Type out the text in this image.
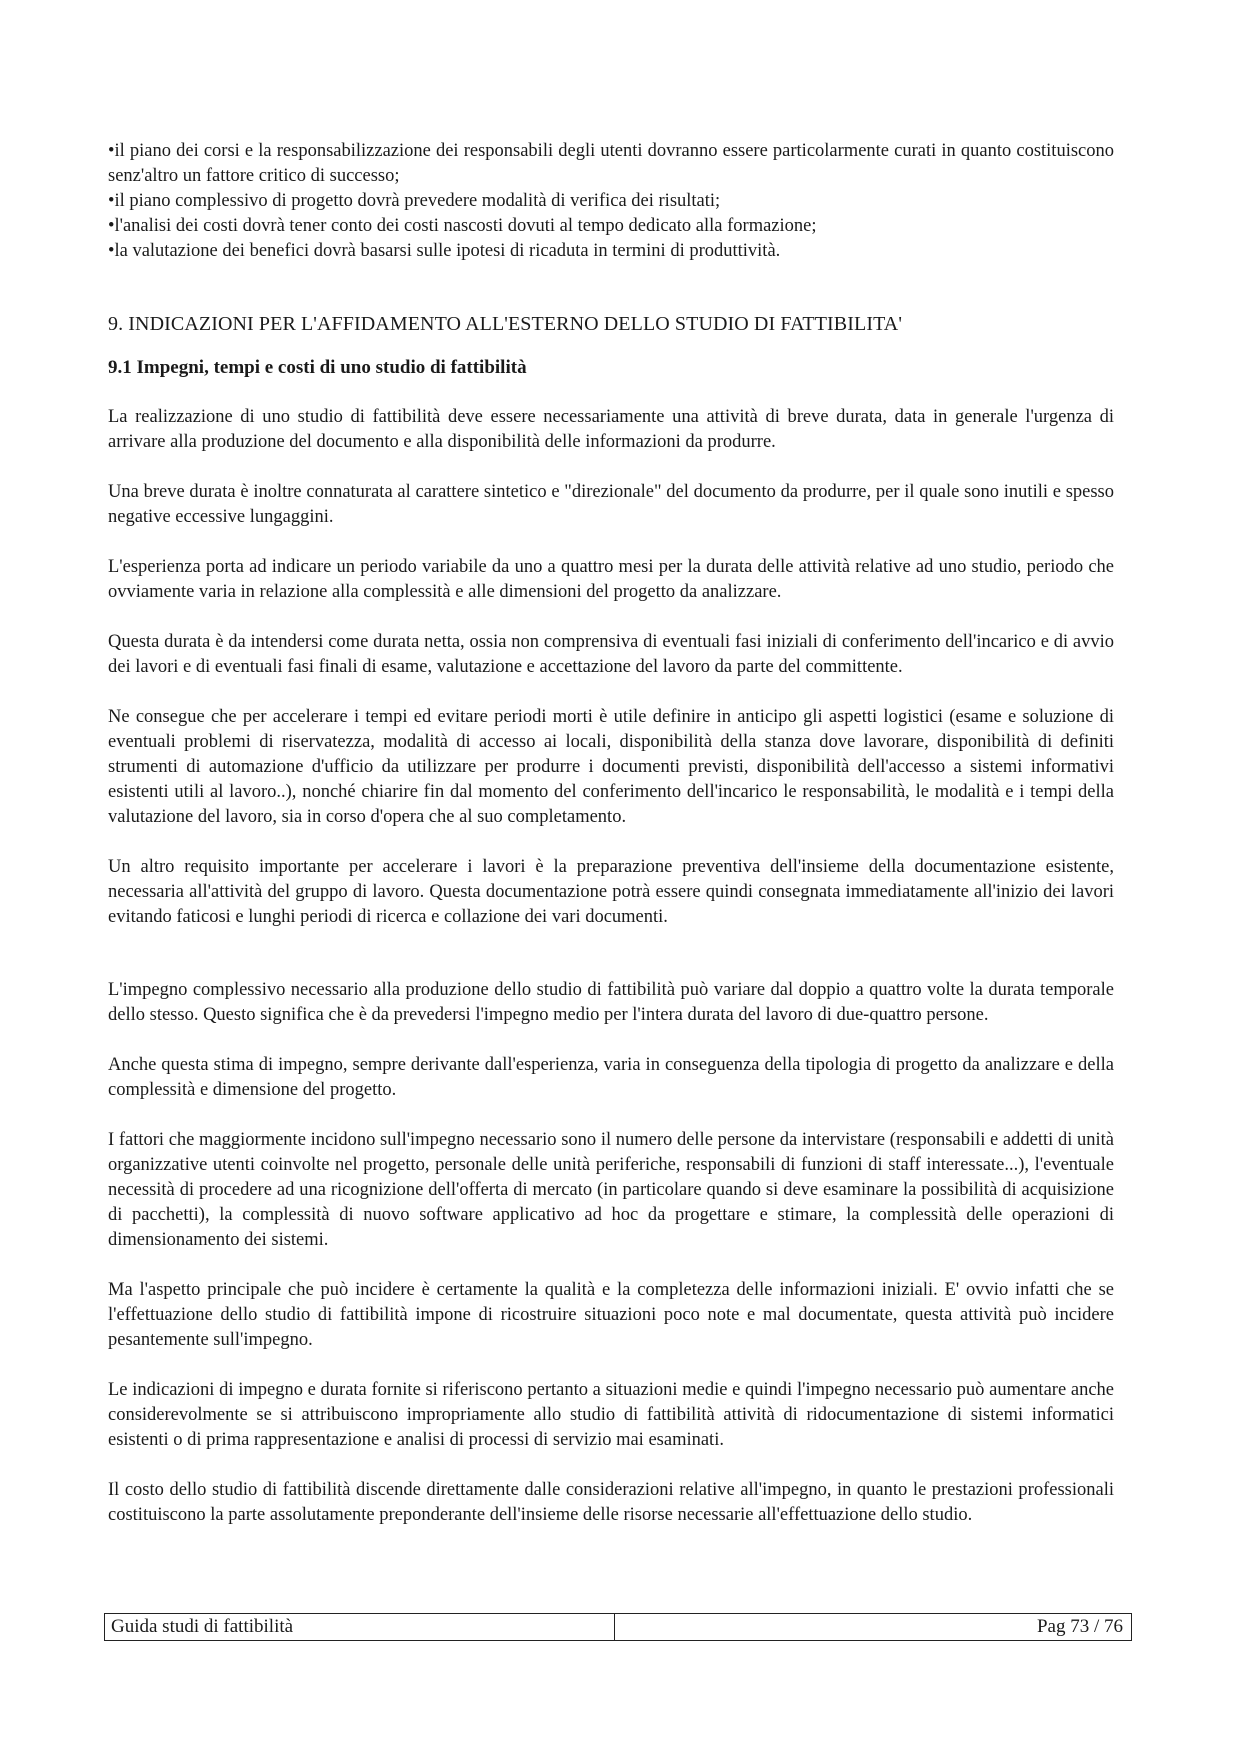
• il piano dei corsi e la responsabilizzazione dei responsabili degli utenti dovranno essere particolarmente curati in quanto costituiscono senz'altro un fattore critico di successo;
• il piano complessivo di progetto dovrà prevedere modalità di verifica dei risultati;
• l'analisi dei costi dovrà tener conto dei costi nascosti dovuti al tempo dedicato alla formazione;
• la valutazione dei benefici dovrà basarsi sulle ipotesi di ricaduta in termini di produttività.
9. INDICAZIONI PER L'AFFIDAMENTO ALL'ESTERNO DELLO STUDIO DI FATTIBILITA'
9.1 Impegni, tempi e costi di uno studio di fattibilità

La realizzazione di uno studio di fattibilità deve essere necessariamente una attività di breve durata, data in generale l'urgenza di arrivare alla produzione del documento e alla disponibilità delle informazioni da produrre.

Una breve durata è inoltre connaturata al carattere sintetico e "direzionale" del documento da produrre, per il quale sono inutili e spesso negative eccessive lungaggini.

L'esperienza porta ad indicare un periodo variabile da uno a quattro mesi per la durata delle attività relative ad uno studio, periodo che ovviamente varia in relazione alla complessità e alle dimensioni del progetto da analizzare.

Questa durata è da intendersi come durata netta, ossia non comprensiva di eventuali fasi iniziali di conferimento dell'incarico e di avvio dei lavori e di eventuali fasi finali di esame, valutazione e accettazione del lavoro da parte del committente.

Ne consegue che per accelerare i tempi ed evitare periodi morti è utile definire in anticipo gli aspetti logistici (esame e soluzione di eventuali problemi di riservatezza, modalità di accesso ai locali, disponibilità della stanza dove lavorare, disponibilità di definiti strumenti di automazione d'ufficio da utilizzare per produrre i documenti previsti, disponibilità dell'accesso a sistemi informativi esistenti utili al lavoro..), nonché chiarire fin dal momento del conferimento dell'incarico le responsabilità, le modalità e i tempi della valutazione del lavoro, sia in corso d'opera che al suo completamento.

Un altro requisito importante per accelerare i lavori è la preparazione preventiva dell'insieme della documentazione esistente, necessaria all'attività del gruppo di lavoro. Questa documentazione potrà essere quindi consegnata immediatamente all'inizio dei lavori evitando faticosi e lunghi periodi di ricerca e collazione dei vari documenti.

L'impegno complessivo necessario alla produzione dello studio di fattibilità può variare dal doppio a quattro volte la durata temporale dello stesso. Questo significa che è da prevedersi l'impegno medio per l'intera durata del lavoro di due-quattro persone.

Anche questa stima di impegno, sempre derivante dall'esperienza, varia in conseguenza della tipologia di progetto da analizzare e della complessità e dimensione del progetto.

I fattori che maggiormente incidono sull'impegno necessario sono il numero delle persone da intervistare (responsabili e addetti di unità organizzative utenti coinvolte nel progetto, personale delle unità periferiche, responsabili di funzioni di staff interessate...), l'eventuale necessità di procedere ad una ricognizione dell'offerta di mercato (in particolare quando si deve esaminare la possibilità di acquisizione di pacchetti), la complessità di nuovo software applicativo ad hoc da progettare e stimare, la complessità delle operazioni di dimensionamento dei sistemi.

Ma l'aspetto principale che può incidere è certamente la qualità e la completezza delle informazioni iniziali. E' ovvio infatti che se l'effettuazione dello studio di fattibilità impone di ricostruire situazioni poco note e mal documentate, questa attività può incidere pesantemente sull'impegno.

Le indicazioni di impegno e durata fornite si riferiscono pertanto a situazioni medie e quindi l'impegno necessario può aumentare anche considerevolmente se si attribuiscono impropriamente allo studio di fattibilità attività di ridocumentazione di sistemi informatici esistenti o di prima rappresentazione e analisi di processi di servizio mai esaminati.

Il costo dello studio di fattibilità discende direttamente dalle considerazioni relative all'impegno, in quanto le prestazioni professionali costituiscono la parte assolutamente preponderante dell'insieme delle risorse necessarie all'effettuazione dello studio.

Guida studi di fattibilità	Pag 73 / 76
